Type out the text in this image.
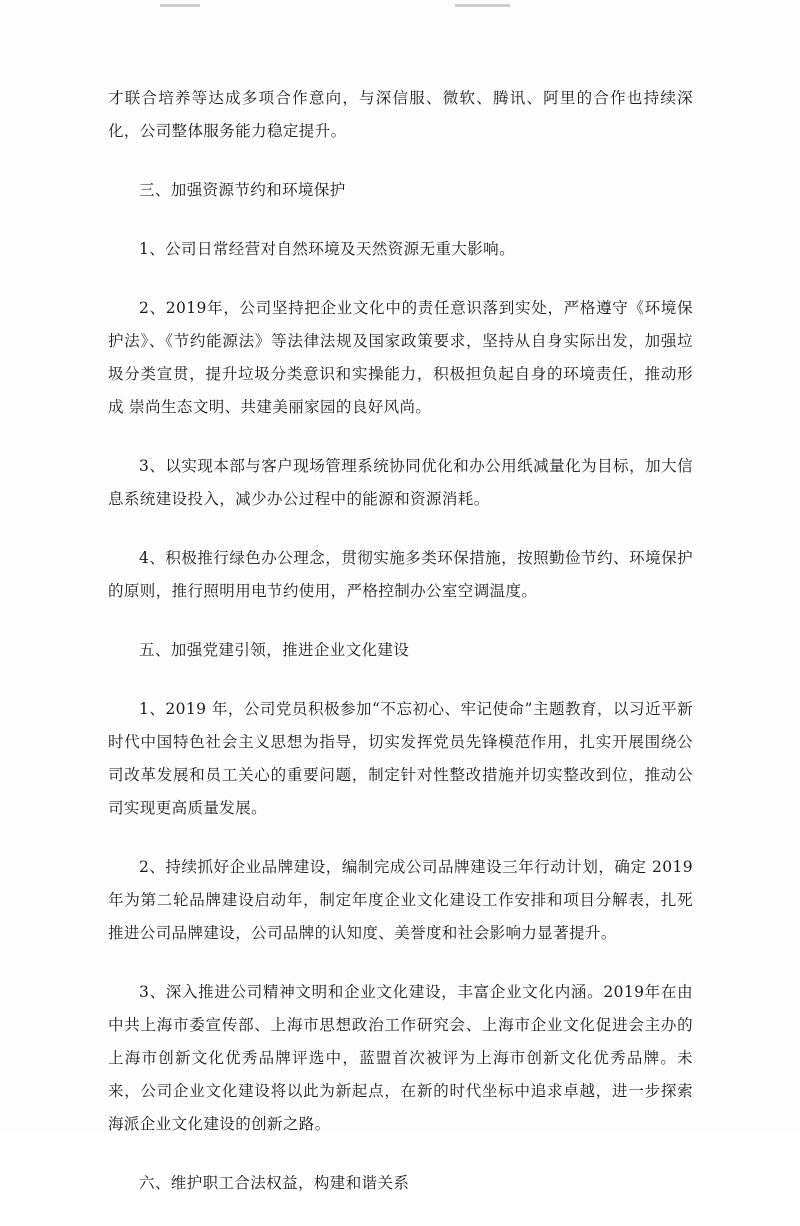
才联合培养等达成多项合作意向，与深信服、微软、腾讯、阿里的合作也持续深化，公司整体服务能力稳定提升。

三、加强资源节约和环境保护

1、公司日常经营对自然环境及天然资源无重大影响。

2、2019年，公司坚持把企业文化中的责任意识落到实处，严格遵守《环境保护法》、《节约能源法》等法律法规及国家政策要求，坚持从自身实际出发，加强垃圾分类宣贯，提升垃圾分类意识和实操能力，积极担负起自身的环境责任，推动形成 崇尚生态文明、共建美丽家园的良好风尚。

3、以实现本部与客户现场管理系统协同优化和办公用纸减量化为目标，加大信息系统建设投入，减少办公过程中的能源和资源消耗。

4、积极推行绿色办公理念，贯彻实施多类环保措施，按照勤俭节约、环境保护的原则，推行照明用电节约使用，严格控制办公室空调温度。

五、加强党建引领，推进企业文化建设

1、2019 年，公司党员积极参加“不忘初心、牢记使命”主题教育，以习近平新时代中国特色社会主义思想为指导，切实发挥党员先锋模范作用，扎实开展围绕公司改革发展和员工关心的重要问题，制定针对性整改措施并切实整改到位，推动公司实现更高质量发展。

2、持续抓好企业品牌建设，编制完成公司品牌建设三年行动计划，确定 2019 年为第二轮品牌建设启动年，制定年度企业文化建设工作安排和项目分解表，扎死推进公司品牌建设，公司品牌的认知度、美誉度和社会影响力显著提升。

3、深入推进公司精神文明和企业文化建设，丰富企业文化内涵。2019年在由中共上海市委宣传部、上海市思想政治工作研究会、上海市企业文化促进会主办的上海市创新文化优秀品牌评选中，蓝盟首次被评为上海市创新文化优秀品牌。未来，公司企业文化建设将以此为新起点，在新的时代坐标中追求卓越，进一步探索海派企业文化建设的创新之路。

六、维护职工合法权益，构建和谐关系
